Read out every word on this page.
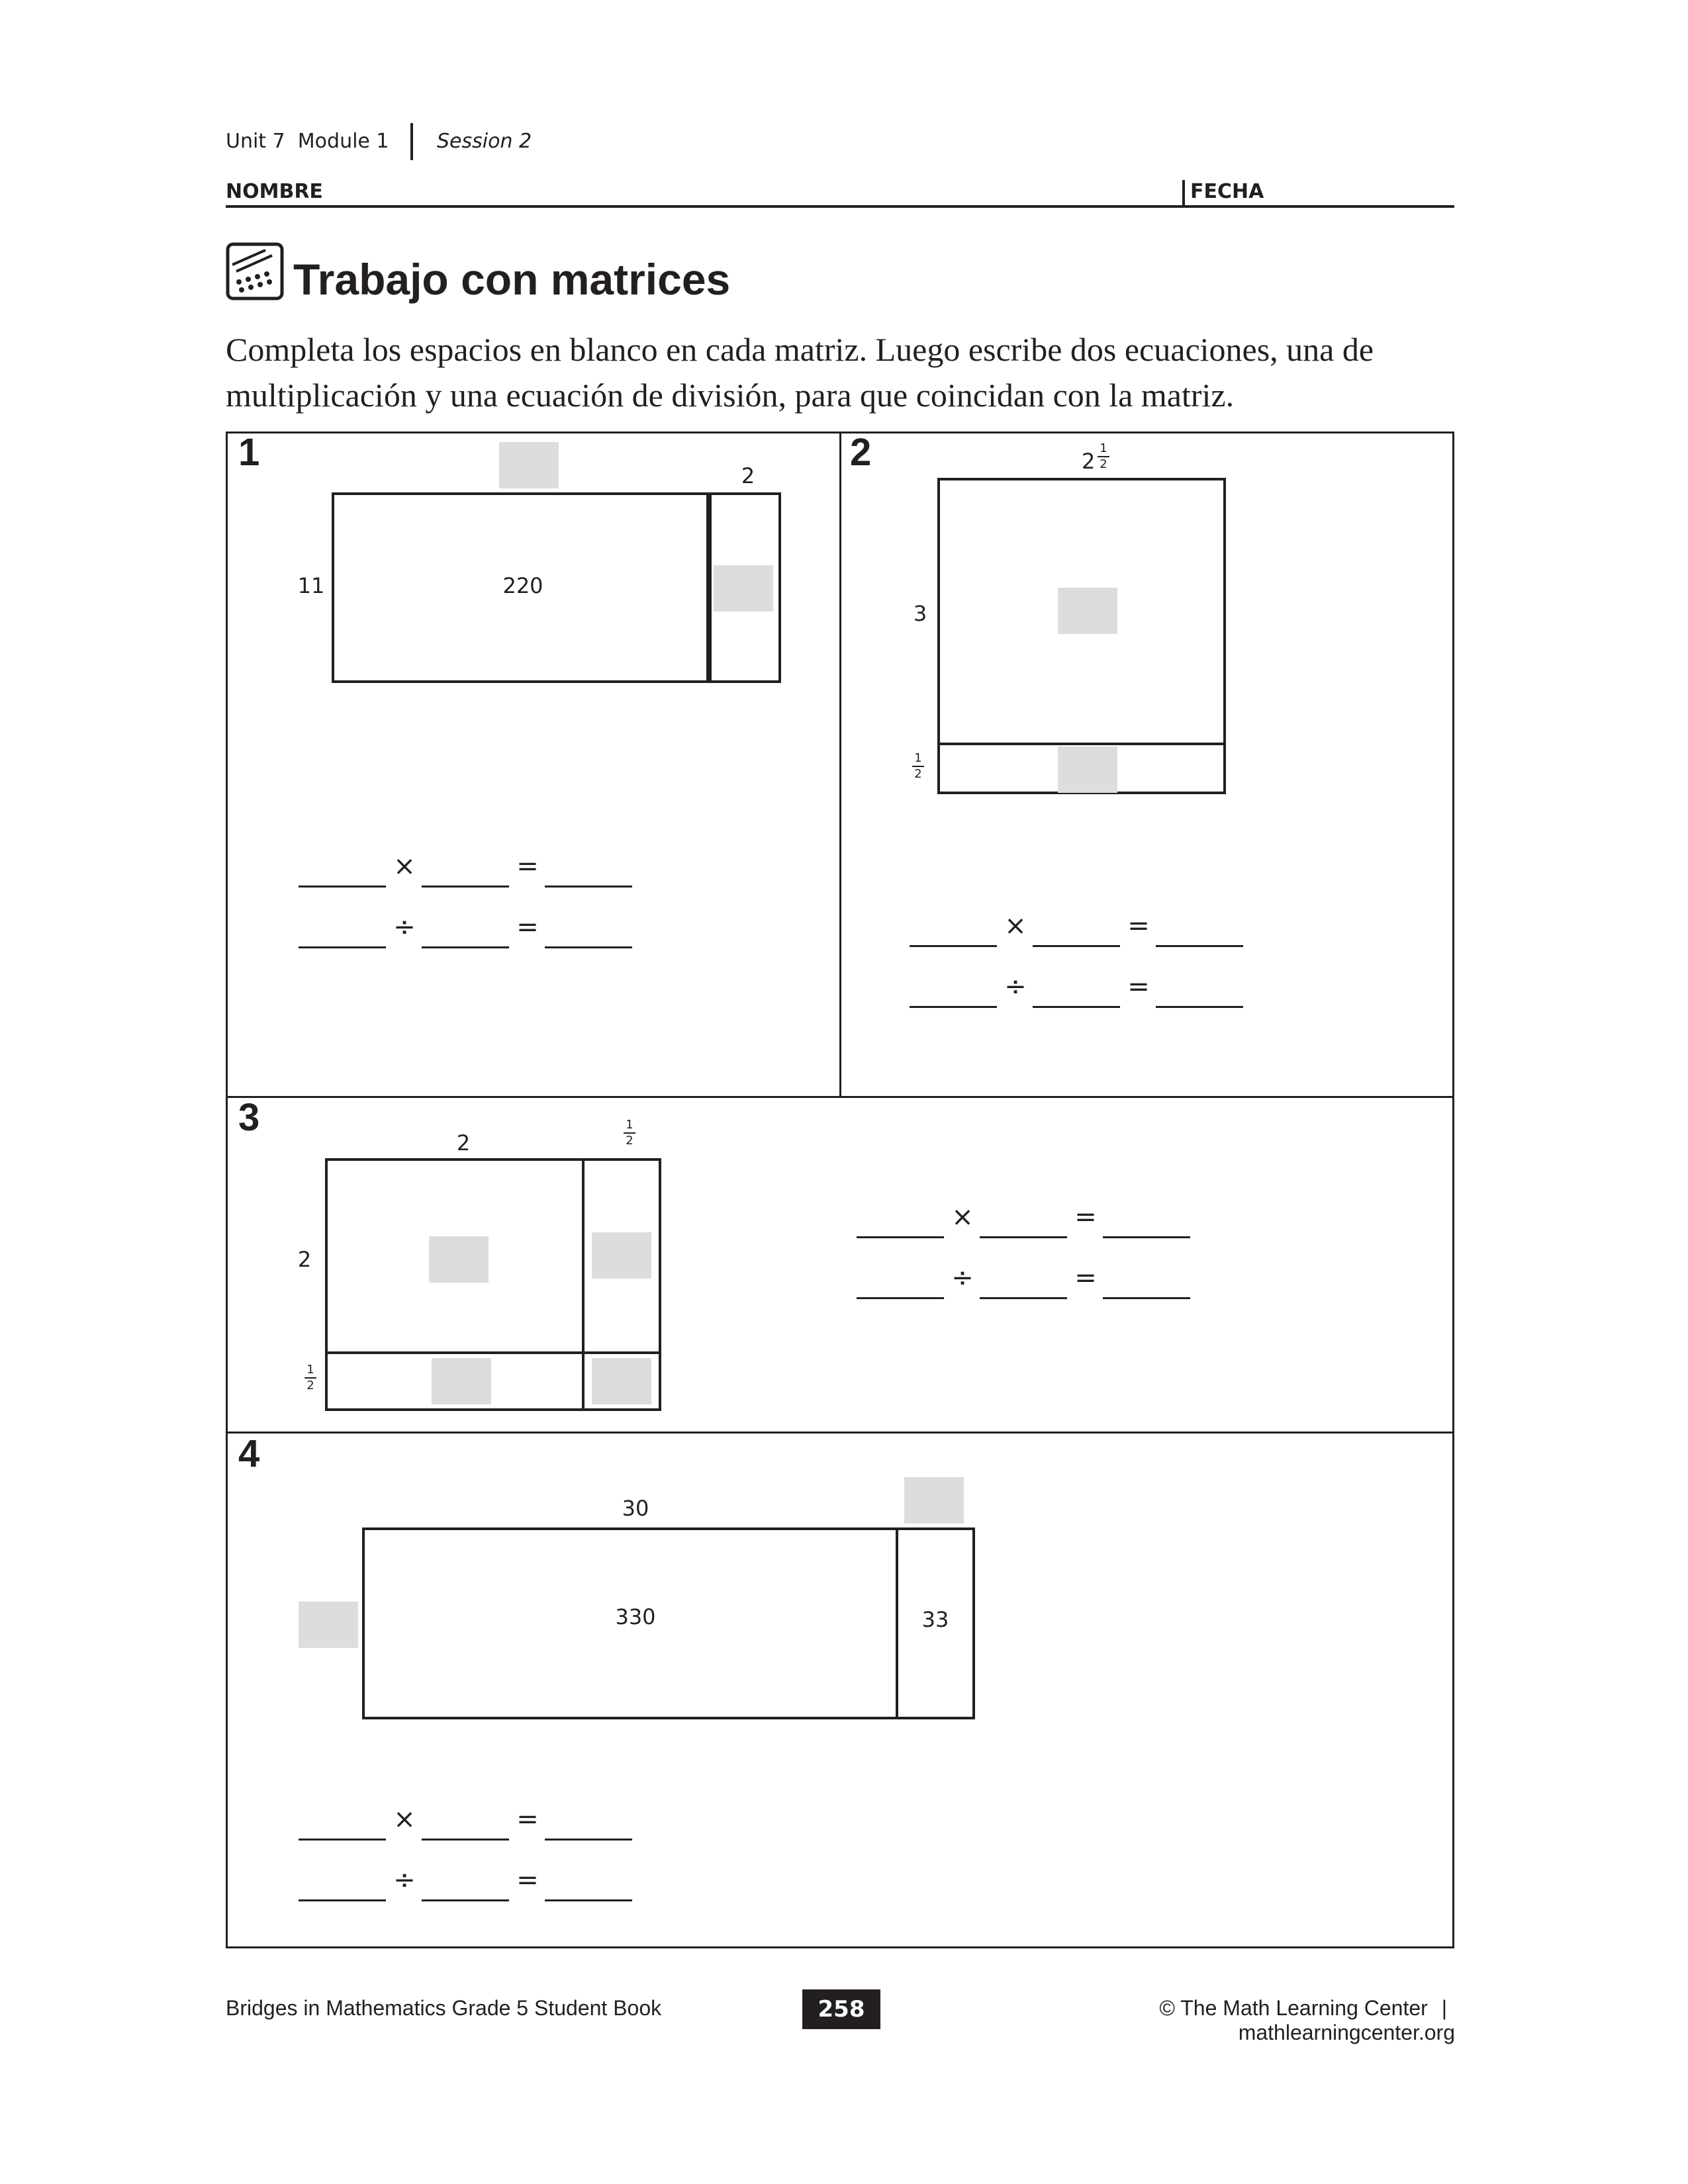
Unit 7 Module 1 Session 2
NOMBRE	FECHA
Trabajo con matrices
Completa los espacios en blanco en cada matriz. Luego escribe dos ecuaciones, una de
multiplicación y una ecuación de división, para que coincidan con la matriz.
1
2
11	220
×	=
÷	=
2	2
1
2
3
1
2
×	=
÷	=
3
2
1
2
2
1
2
×	=
÷	=
4
30
330	33
×	=
÷	=
Bridges in Mathematics Grade 5 Student Book	258	© The Math Learning Center | mathlearningcenter.org
